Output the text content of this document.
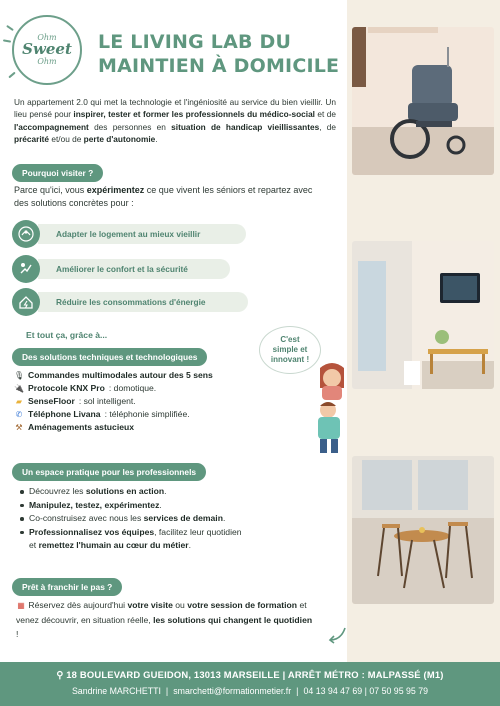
Ohm
Sweet
Ohm
LE LIVING LAB DU
MAINTIEN À DOMICILE
Un appartement 2.0 qui met la technologie et l'ingéniosité au service du bien vieillir. Un lieu pensé pour inspirer, tester et former les professionnels du médico-social et de l'accompagnement des personnes en situation de handicap vieillissantes, de précarité et/ou de perte d'autonomie.
Pourquoi visiter ?
Parce qu'ici, vous expérimentez ce que vivent les séniors et repartez avec des solutions concrètes pour :
Adapter le logement au mieux vieillir
Améliorer le confort et la sécurité
Réduire les consommations d'énergie
Et tout ça, grâce à...	C'est
simple et
innovant !
Des solutions techniques et technologiques
🎙 Commandes multimodales autour des 5 sens
🔌 Protocole KNX Pro : domotique.
▰ SenseFloor : sol intelligent.
✆ Téléphone Livana : téléphonie simplifiée.
⚒ Aménagements astucieux
Un espace pratique pour les professionnels
Découvrez les solutions en action.
Manipulez, testez, expérimentez.
Co-construisez avec nous les services de demain.
Professionnalisez vos équipes, facilitez leur quotidien
et remettez l'humain au cœur du métier.
Prêt à franchir le pas ?
▦ Réservez dès aujourd'hui votre visite ou votre session de formation et venez découvrir, en situation réelle, les solutions qui changent le quotidien !
⚲ 18 BOULEVARD GUEIDON, 13013 MARSEILLE | ARRÊT MÉTRO : MALPASSÉ (M1)
Sandrine MARCHETTI | smarchetti@formationmetier.fr | 04 13 94 47 69 | 07 50 95 95 79
